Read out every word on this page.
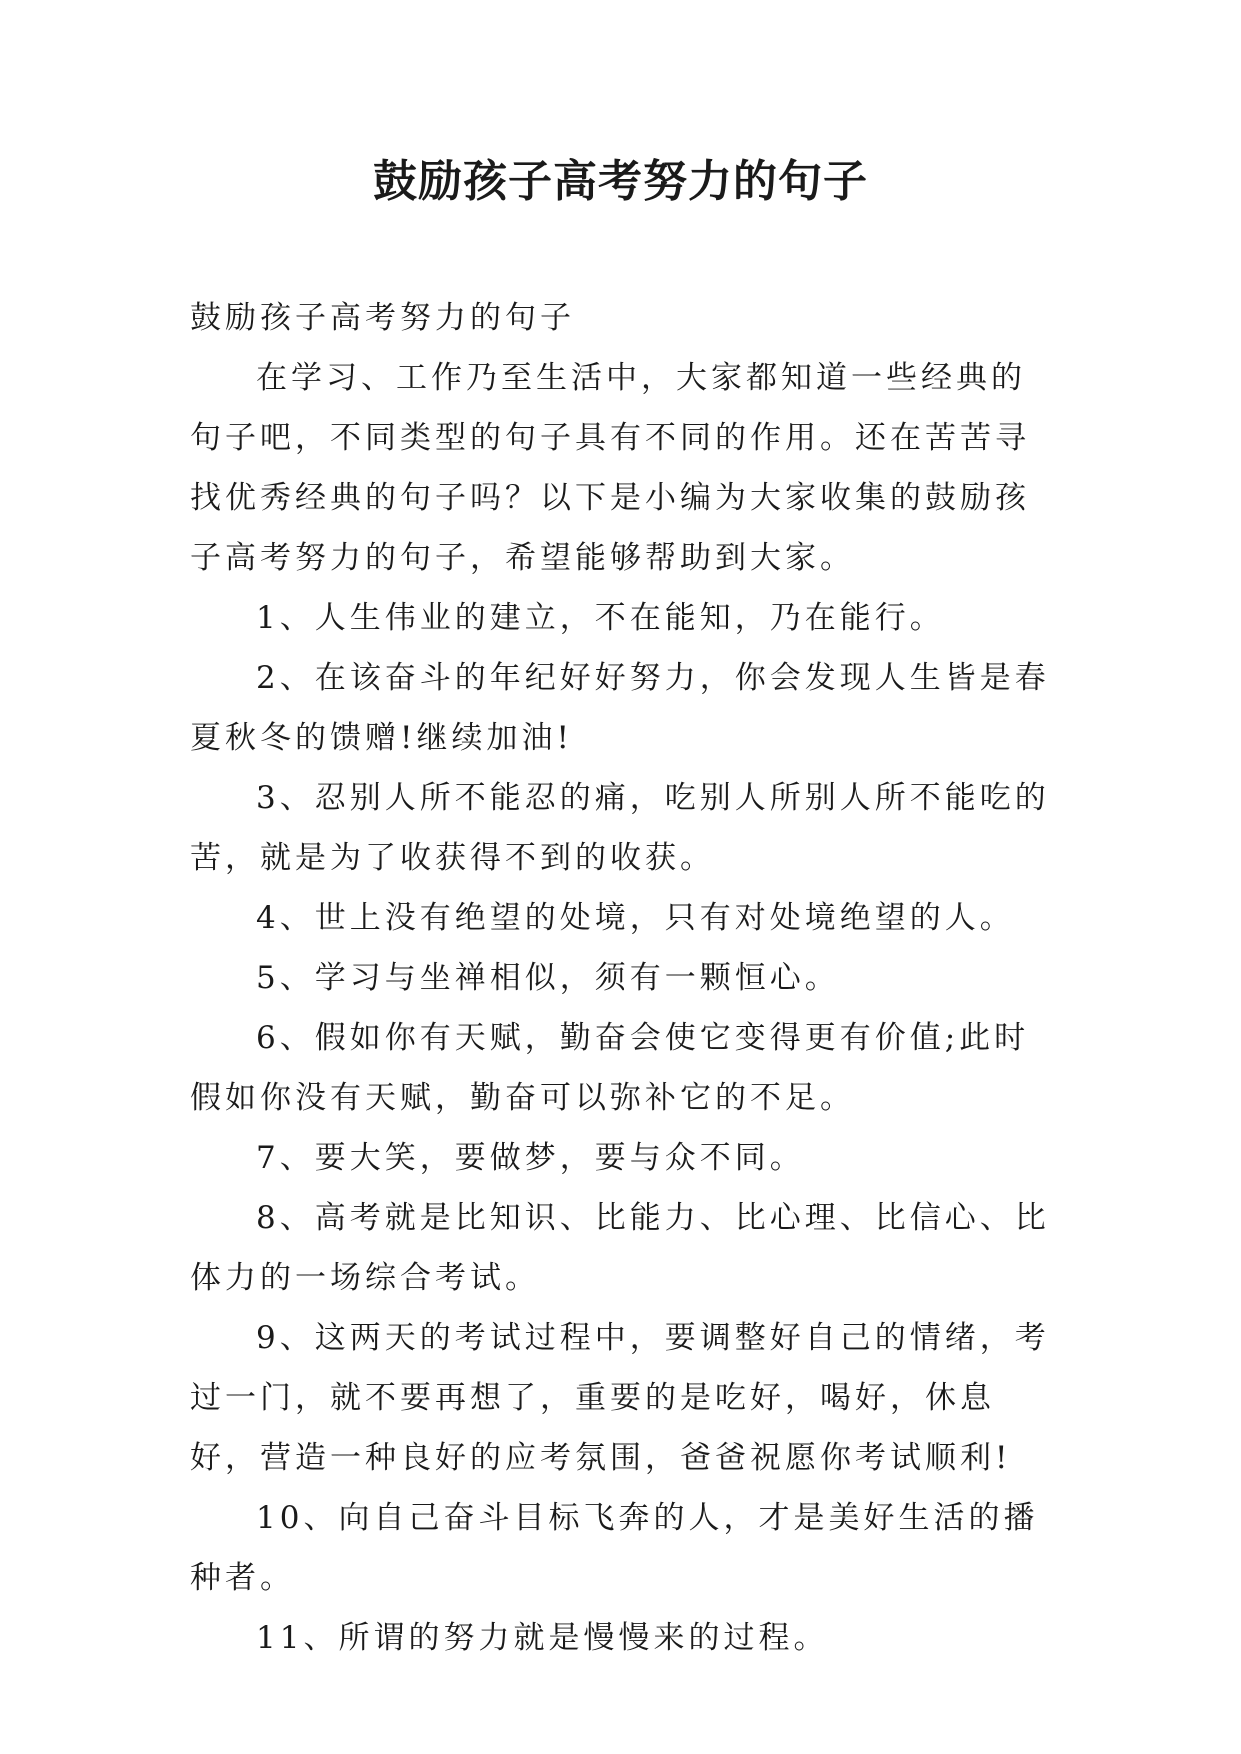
鼓励孩子高考努力的句子

鼓励孩子高考努力的句子

在学习、工作乃至生活中，大家都知道一些经典的句子吧，不同类型的句子具有不同的作用。还在苦苦寻找优秀经典的句子吗？以下是小编为大家收集的鼓励孩子高考努力的句子，希望能够帮助到大家。

1、人生伟业的建立，不在能知，乃在能行。

2、在该奋斗的年纪好好努力，你会发现人生皆是春夏秋冬的馈赠!继续加油!

3、忍别人所不能忍的痛，吃别人所别人所不能吃的苦，就是为了收获得不到的收获。

4、世上没有绝望的处境，只有对处境绝望的人。

5、学习与坐禅相似，须有一颗恒心。

6、假如你有天赋，勤奋会使它变得更有价值;此时假如你没有天赋，勤奋可以弥补它的不足。

7、要大笑，要做梦，要与众不同。

8、高考就是比知识、比能力、比心理、比信心、比体力的一场综合考试。

9、这两天的考试过程中，要调整好自己的情绪，考过一门，就不要再想了，重要的是吃好，喝好，休息好，营造一种良好的应考氛围，爸爸祝愿你考试顺利!

10、向自己奋斗目标飞奔的人，才是美好生活的播种者。

11、所谓的努力就是慢慢来的过程。
